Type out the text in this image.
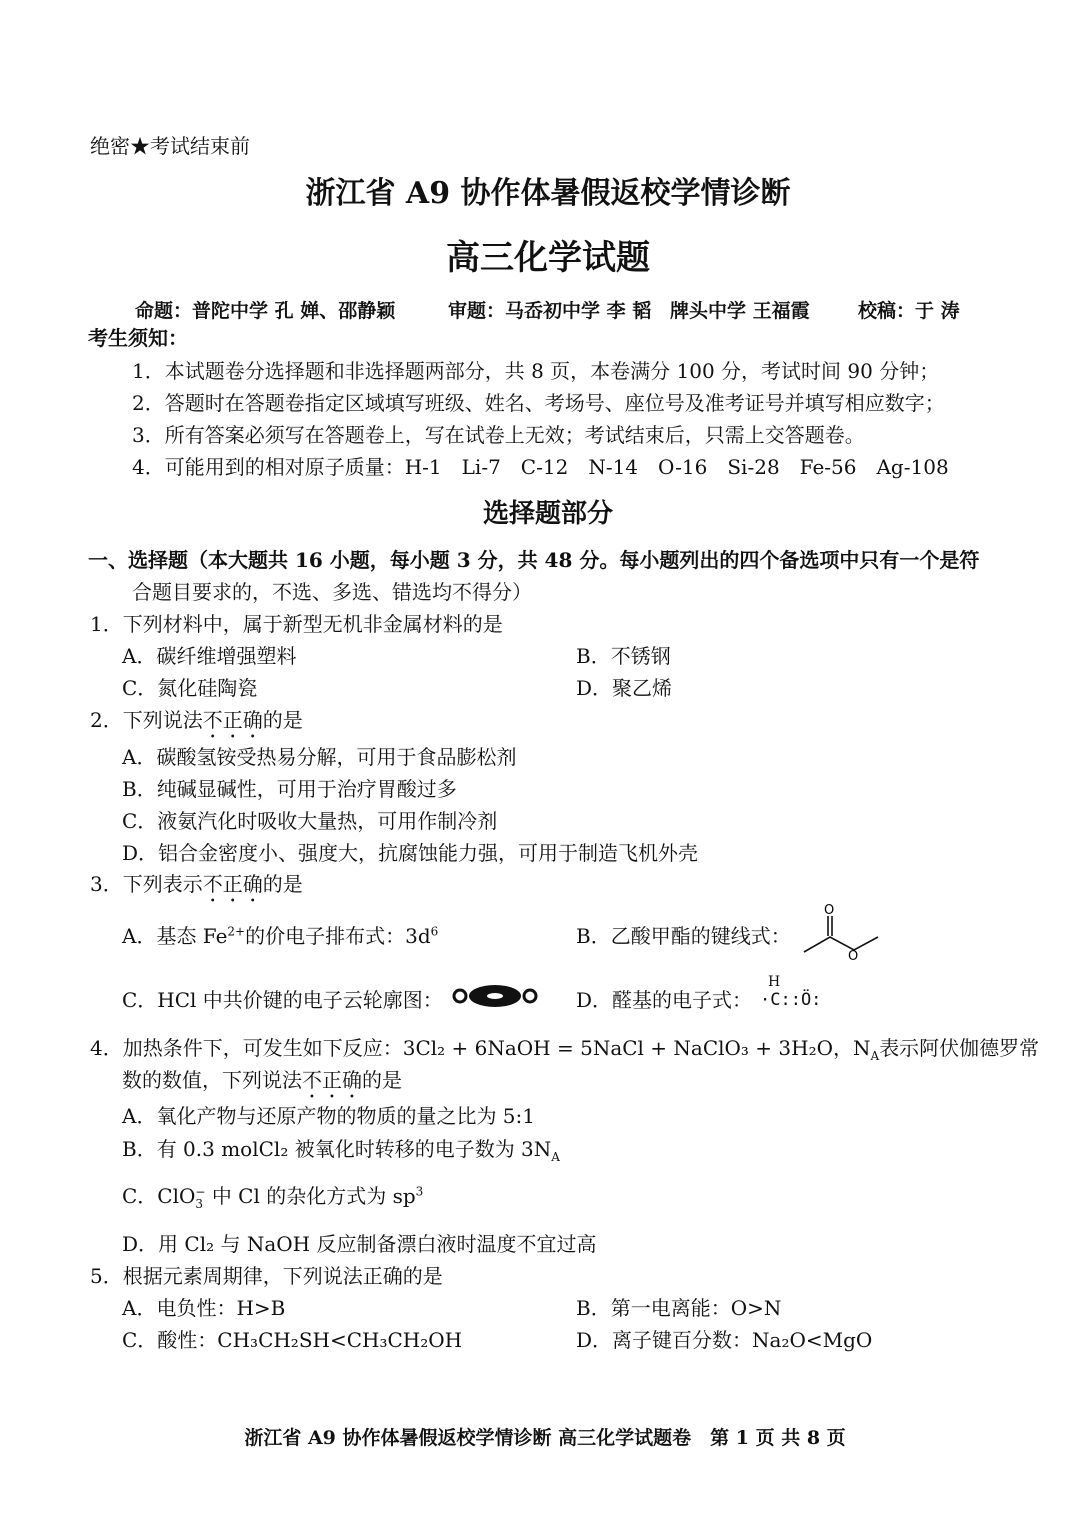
绝密★考试结束前
浙江省 A9 协作体暑假返校学情诊断
高三化学试题
命题：普陀中学 孔 婵、邵静颖	审题：马岙初中学 李 韬 牌头中学 王福霞	校稿：于 涛
考生须知：
1．本试题卷分选择题和非选择题两部分，共 8 页，本卷满分 100 分，考试时间 90 分钟；
2．答题时在答题卷指定区域填写班级、姓名、考场号、座位号及准考证号并填写相应数字；
3．所有答案必须写在答题卷上，写在试卷上无效；考试结束后，只需上交答题卷。
4．可能用到的相对原子质量：H-1　Li-7　C-12　N-14　O-16　Si-28　Fe-56　Ag-108
选择题部分
一、选择题（本大题共 16 小题，每小题 3 分，共 48 分。每小题列出的四个备选项中只有一个是符
合题目要求的，不选、多选、错选均不得分）
1．下列材料中，属于新型无机非金属材料的是
A．碳纤维增强塑料	B．不锈钢
C．氮化硅陶瓷	D．聚乙烯
2．下列说法不正确的是
A．碳酸氢铵受热易分解，可用于食品膨松剂
B．纯碱显碱性，可用于治疗胃酸过多
C．液氨汽化时吸收大量热，可用作制冷剂
D．铝合金密度小、强度大，抗腐蚀能力强，可用于制造飞机外壳
3．下列表示不正确的是
A．基态 $Fe^{2+}$的价电子排布式：$3d^6$	B．乙酸甲酯的键线式：
O
O
C．HCl 中共价键的电子云轮廓图：	D．醛基的电子式：
H
·C::Ö:
4．加热条件下，可发生如下反应：3Cl₂ + 6NaOH = 5NaCl + NaClO₃ + 3H₂O，$N_A$表示阿伏伽德罗常
数的数值，下列说法不正确的是
A．氧化产物与还原产物的物质的量之比为 5:1
B．有 0.3 molCl₂ 被氧化时转移的电子数为 $3N_A$
C．ClO −
3 中 Cl 的杂化方式为 $sp^3$
D．用 Cl₂ 与 NaOH 反应制备漂白液时温度不宜过高
5．根据元素周期律，下列说法正确的是
A．电负性：H>B	B．第一电离能：O>N
C．酸性：CH₃CH₂SH<CH₃CH₂OH	D．离子键百分数：Na₂O<MgO
浙江省 A9 协作体暑假返校学情诊断 高三化学试题卷　第 1 页 共 8 页
